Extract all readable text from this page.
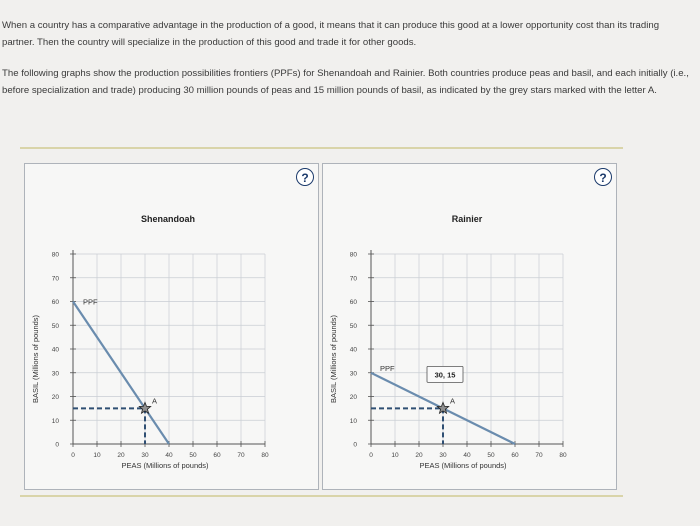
When a country has a comparative advantage in the production of a good, it means that it can produce this good at a lower opportunity cost than its trading partner. Then the country will specialize in the production of this good and trade it for other goods.

The following graphs show the production possibilities frontiers (PPFs) for Shenandoah and Rainier. Both countries produce peas and basil, and each initially (i.e., before specialization and trade) producing 30 million pounds of peas and 15 million pounds of basil, as indicated by the grey stars marked with the letter A.

?
Shenandoah
0
10
20
30
40
50
60
70
80
0	10	20	30	40	50	60	70	80
PEAS (Millions of pounds)
BASIL (Millions of pounds)
PPF
A
?
Rainier
0
10
20
30
40
50
60
70
80
0	10	20	30	40	50	60	70	80
PEAS (Millions of pounds)
BASIL (Millions of pounds)	PPF
A
30, 15
